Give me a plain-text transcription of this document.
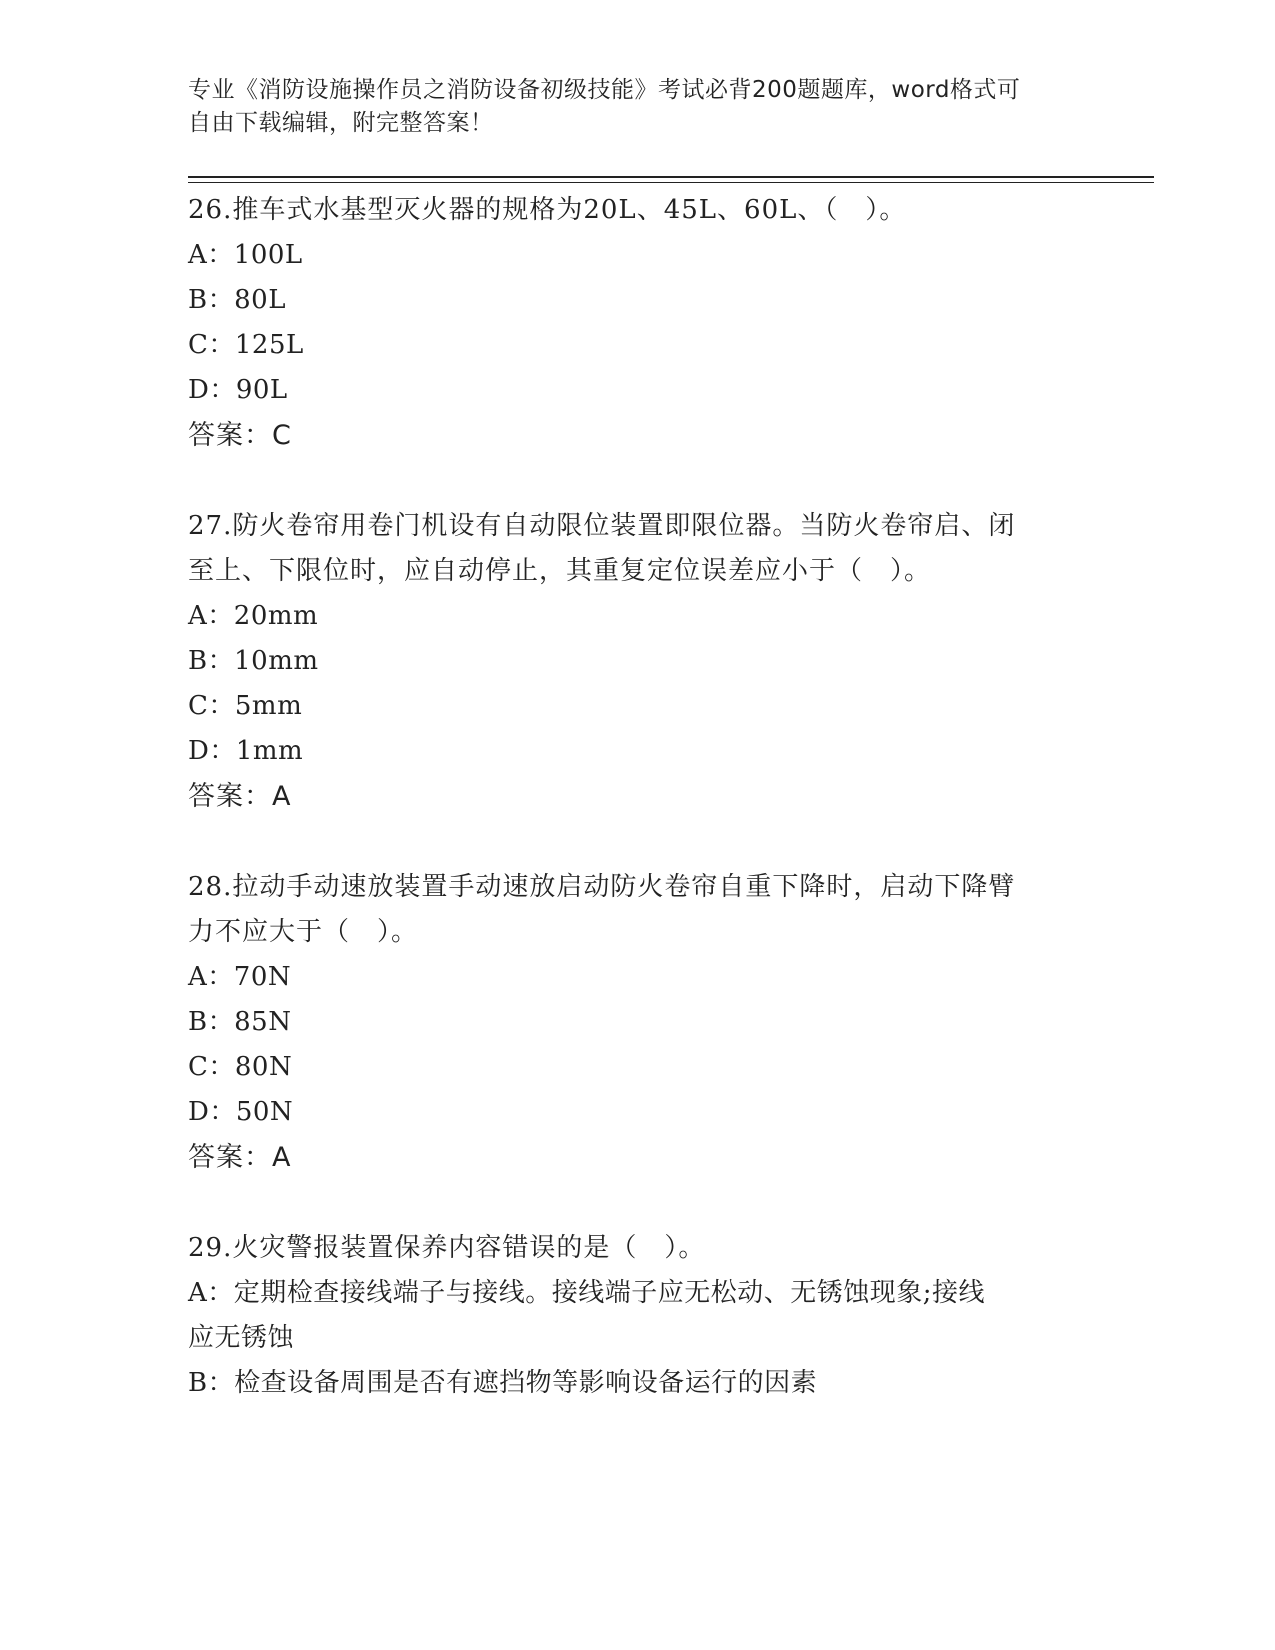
专业《消防设施操作员之消防设备初级技能》考试必背200题题库，word格式可
自由下载编辑，附完整答案！
26.推车式水基型灭火器的规格为20L、45L、60L、（　）。
A：100L
B：80L
C：125L
D：90L
答案：C
27.防火卷帘用卷门机设有自动限位装置即限位器。当防火卷帘启、闭
至上、下限位时，应自动停止，其重复定位误差应小于（　）。
A：20mm
B：10mm
C：5mm
D：1mm
答案：A
28.拉动手动速放装置手动速放启动防火卷帘自重下降时，启动下降臂
力不应大于（　）。
A：70N
B：85N
C：80N
D：50N
答案：A
29.火灾警报装置保养内容错误的是（　）。
A：定期检查接线端子与接线。接线端子应无松动、无锈蚀现象;接线
应无锈蚀
B：检查设备周围是否有遮挡物等影响设备运行的因素
